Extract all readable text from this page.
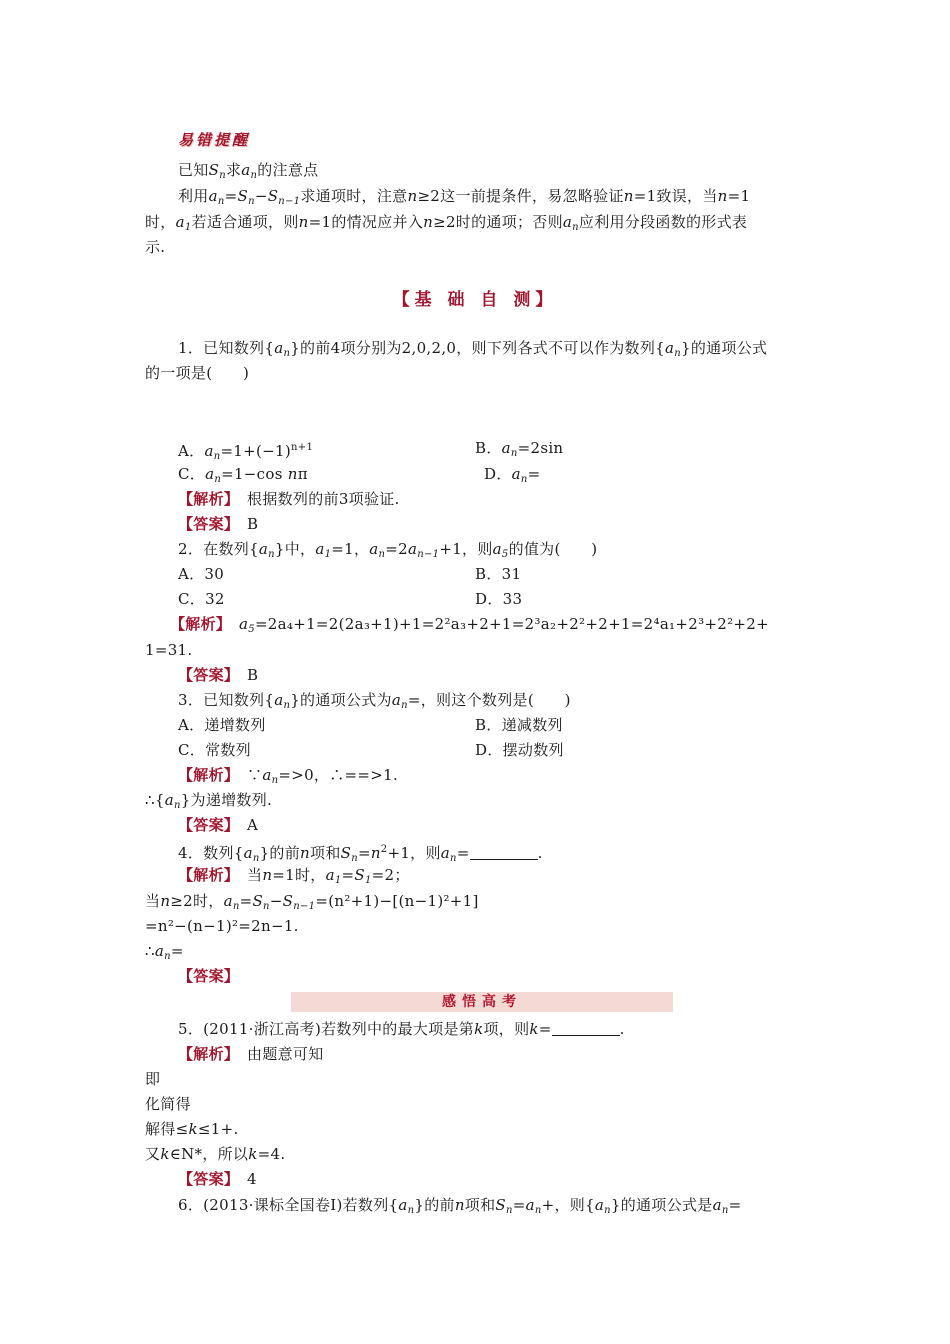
易错提醒
已知$S_n$求$a_n$的注意点
利用$a_n=S_n-S_{n-1}$求通项时，注意n≥2这一前提条件，易忽略验证n=1致误，当n=1
时，$a_1$若适合通项，则n=1的情况应并入n≥2时的通项；否则$a_n$应利用分段函数的形式表
示.
【基 础 自 测】
1．已知数列$\{a_n\}$的前4项分别为2,0,2,0，则下列各式不可以作为数列$\{a_n\}$的通项公式
的一项是(　　)
A．$a_n=1+(-1)^{n+1}$	B．$a_n=2\sin$
C．$a_n=1-\cos$ nπ	D．$a_n=$
【解析】　 根据数列的前3项验证.
【答案】　 B
2．在数列$\{a_n\}$中，$a_1=1$，$a_n=2a_{n-1}+1$，则$a_5$的值为(　　)
A．30	B．31
C．32	D．33
【解析】　 $a_5=2a_4+1=2(2a_3+1)+1=2^2a_3+2+1=2^3a_2+2^2+2+1=2^4a_1+2^3+2^2+2+$
1=31.
【答案】　 B
3．已知数列$\{a_n\}$的通项公式为$a_n=$，则这个数列是(　　)
A．递增数列	B．递减数列
C．常数列	D．摆动数列
【解析】　 $\because a_n=>0$，∴==>1.
$\therefore\{a_n\}$为递增数列.
【答案】　 A
4．数列$\{a_n\}$的前n项和$S_n=n^2+1$，则$a_n=$	.
【解析】　 当n=1时，$a_1=S_1=2$；
当n≥2时，$a_n=S_n-S_{n-1}=(n^2+1)-[(n-1)^2+1]$
=n²−(n−1)²=2n−1.
$\therefore a_n=$
【答案】　
感悟高考
5．(2011·浙江高考)若数列中的最大项是第k项，则k=	.
【解析】　 由题意可知
即
化简得
解得≤k≤1+.
又k∈N*，所以k=4.
【答案】　 4
6．(2013·课标全国卷Ⅰ)若数列$\{a_n\}$的前n项和$S_n=a_n+$，则$\{a_n\}$的通项公式是$a_n=$
